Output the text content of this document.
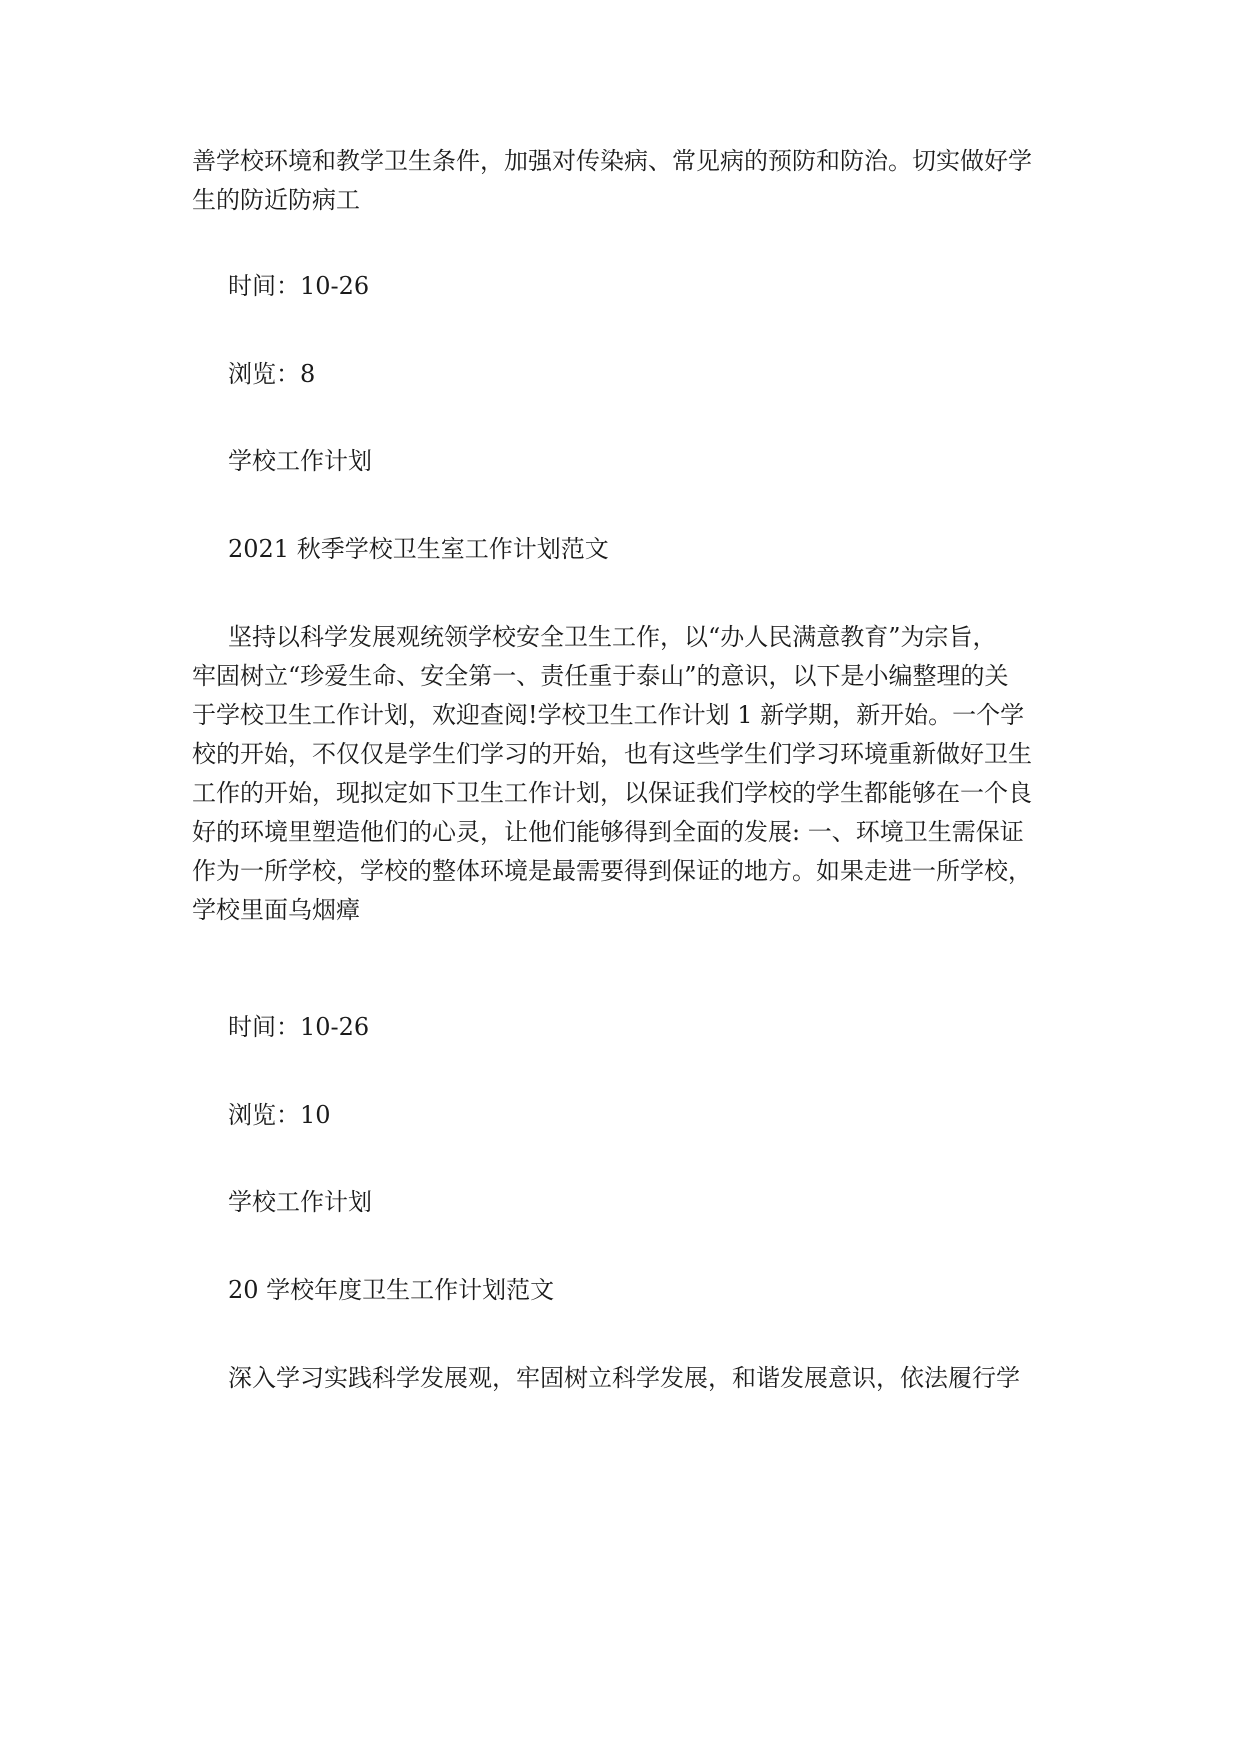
善学校环境和教学卫生条件，加强对传染病、常见病的预防和防治。切实做好学
生的防近防病工

时间：10-26

浏览：8

学校工作计划

2021 秋季学校卫生室工作计划范文

坚持以科学发展观统领学校安全卫生工作，以“办人民满意教育”为宗旨，
牢固树立“珍爱生命、安全第一、责任重于泰山”的意识，以下是小编整理的关
于学校卫生工作计划，欢迎查阅!学校卫生工作计划 1 新学期，新开始。一个学
校的开始，不仅仅是学生们学习的开始，也有这些学生们学习环境重新做好卫生
工作的开始，现拟定如下卫生工作计划，以保证我们学校的学生都能够在一个良
好的环境里塑造他们的心灵，让他们能够得到全面的发展: 一、环境卫生需保证
作为一所学校，学校的整体环境是最需要得到保证的地方。如果走进一所学校，
学校里面乌烟瘴

时间：10-26

浏览：10

学校工作计划

20 学校年度卫生工作计划范文

深入学习实践科学发展观，牢固树立科学发展，和谐发展意识，依法履行学
